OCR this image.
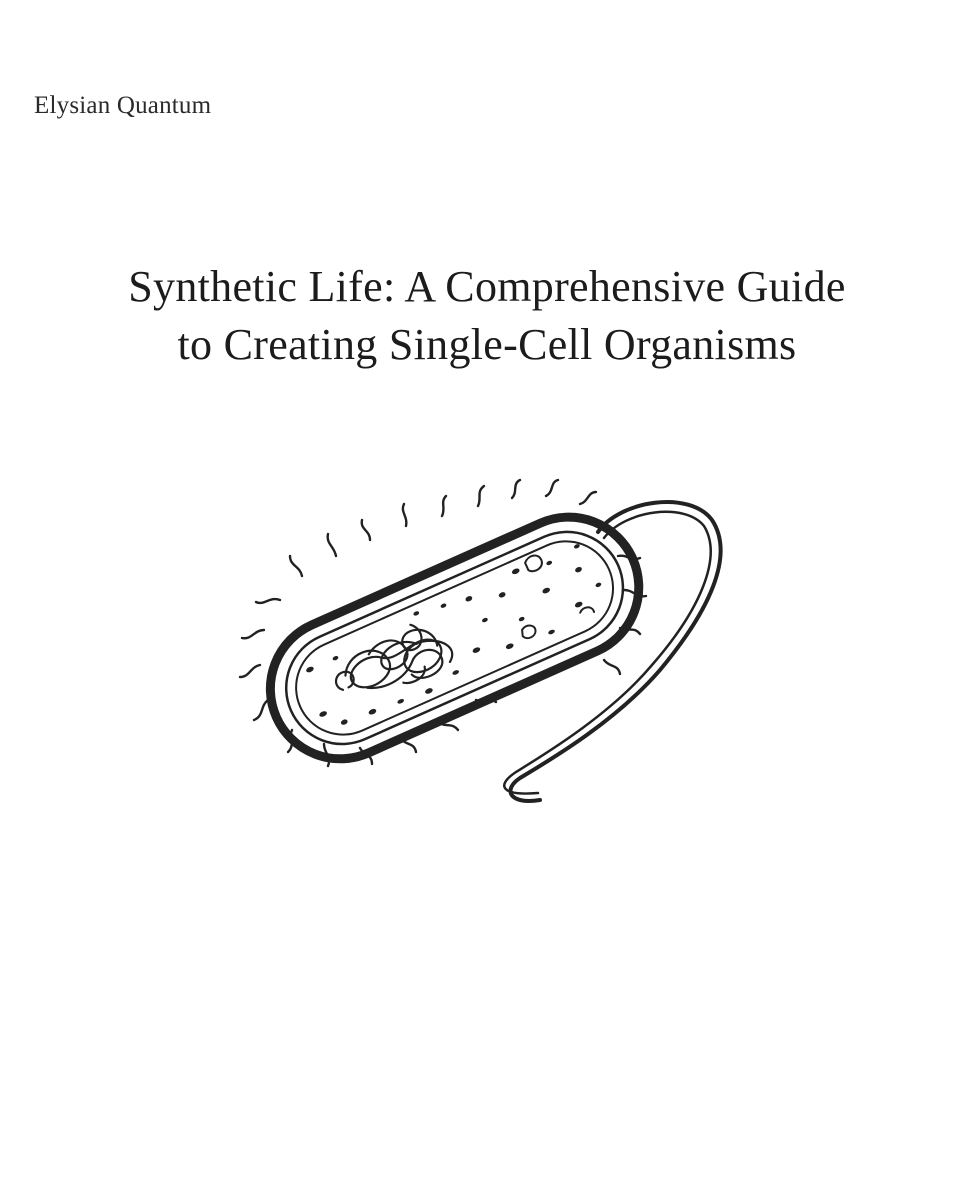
Elysian Quantum
Synthetic Life: A Comprehensive Guide
to Creating Single-Cell Organisms
